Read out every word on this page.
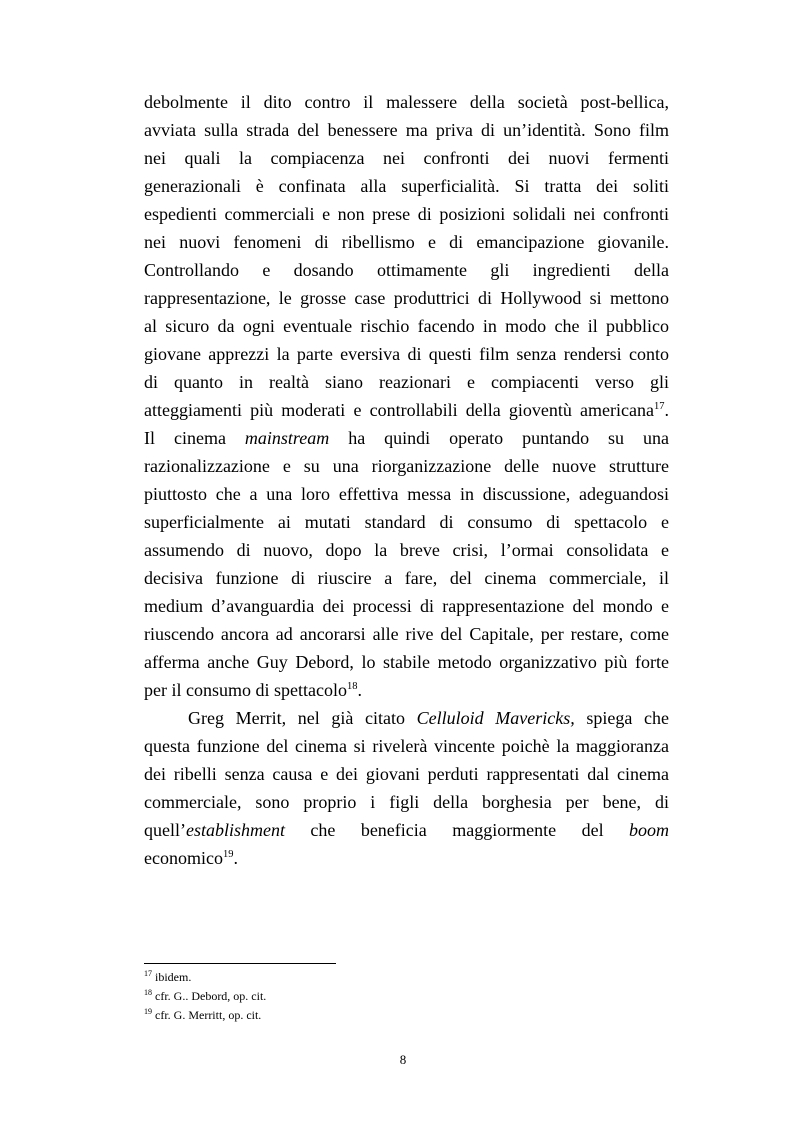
debolmente il dito contro il malessere della società post-bellica,
avviata sulla strada del benessere ma priva di un’identità. Sono film
nei quali la compiacenza nei confronti dei nuovi fermenti
generazionali è confinata alla superficialità. Si tratta dei soliti
espedienti commerciali e non prese di posizioni solidali nei confronti
nei nuovi fenomeni di ribellismo e di emancipazione giovanile.
Controllando e dosando ottimamente gli ingredienti della
rappresentazione, le grosse case produttrici di Hollywood si mettono
al sicuro da ogni eventuale rischio facendo in modo che il pubblico
giovane apprezzi la parte eversiva di questi film senza rendersi conto
di quanto in realtà siano reazionari e compiacenti verso gli
atteggiamenti più moderati e controllabili della gioventù americana$^{17}$.
Il cinema mainstream ha quindi operato puntando su una
razionalizzazione e su una riorganizzazione delle nuove strutture
piuttosto che a una loro effettiva messa in discussione, adeguandosi
superficialmente ai mutati standard di consumo di spettacolo e
assumendo di nuovo, dopo la breve crisi, l’ormai consolidata e
decisiva funzione di riuscire a fare, del cinema commerciale, il
medium d’avanguardia dei processi di rappresentazione del mondo e
riuscendo ancora ad ancorarsi alle rive del Capitale, per restare, come
afferma anche Guy Debord, lo stabile metodo organizzativo più forte
per il consumo di spettacolo$^{18}$.
Greg Merrit, nel già citato Celluloid Mavericks, spiega che
questa funzione del cinema si rivelerà vincente poichè la maggioranza
dei ribelli senza causa e dei giovani perduti rappresentati dal cinema
commerciale, sono proprio i figli della borghesia per bene, di
quell’establishment che beneficia maggiormente del boom
economico$^{19}$.
$^{17}$ ibidem.
$^{18}$ cfr. G.. Debord, op. cit.
$^{19}$ cfr. G. Merritt, op. cit.
8
